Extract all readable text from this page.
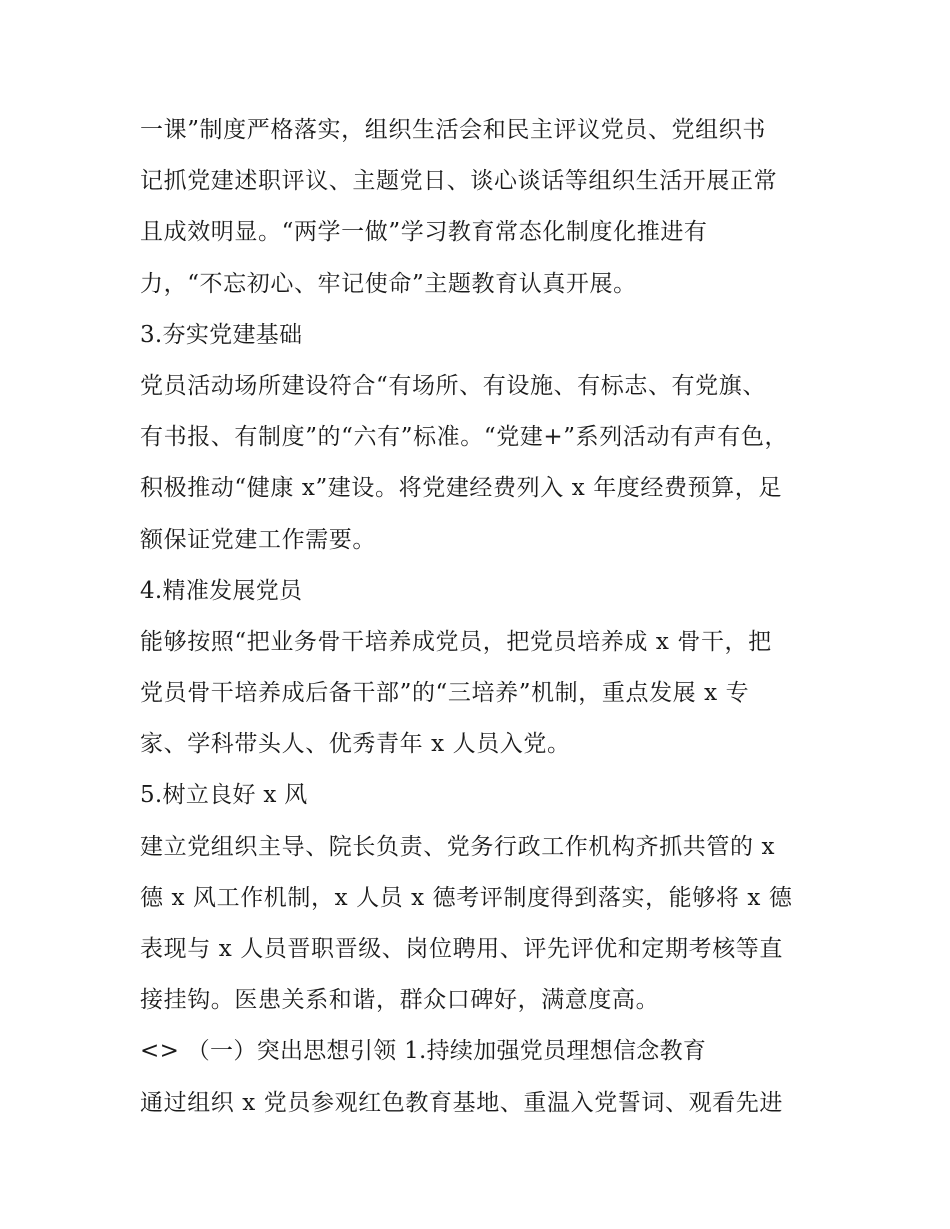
一课”制度严格落实，组织生活会和民主评议党员、党组织书
记抓党建述职评议、主题党日、谈心谈话等组织生活开展正常
且成效明显。“两学一做”学习教育常态化制度化推进有
力，“不忘初心、牢记使命”主题教育认真开展。
3.夯实党建基础
党员活动场所建设符合“有场所、有设施、有标志、有党旗、
有书报、有制度”的“六有”标准。“党建+”系列活动有声有色，
积极推动“健康 x”建设。将党建经费列入 x 年度经费预算，足
额保证党建工作需要。
4.精准发展党员
能够按照“把业务骨干培养成党员，把党员培养成 x 骨干，把
党员骨干培养成后备干部”的“三培养”机制，重点发展 x 专
家、学科带头人、优秀青年 x 人员入党。
5.树立良好 x 风
建立党组织主导、院长负责、党务行政工作机构齐抓共管的 x
德 x 风工作机制，x 人员 x 德考评制度得到落实，能够将 x 德
表现与 x 人员晋职晋级、岗位聘用、评先评优和定期考核等直
接挂钩。医患关系和谐，群众口碑好，满意度高。
<> （一）突出思想引领 1.持续加强党员理想信念教育
通过组织 x 党员参观红色教育基地、重温入党誓词、观看先进
